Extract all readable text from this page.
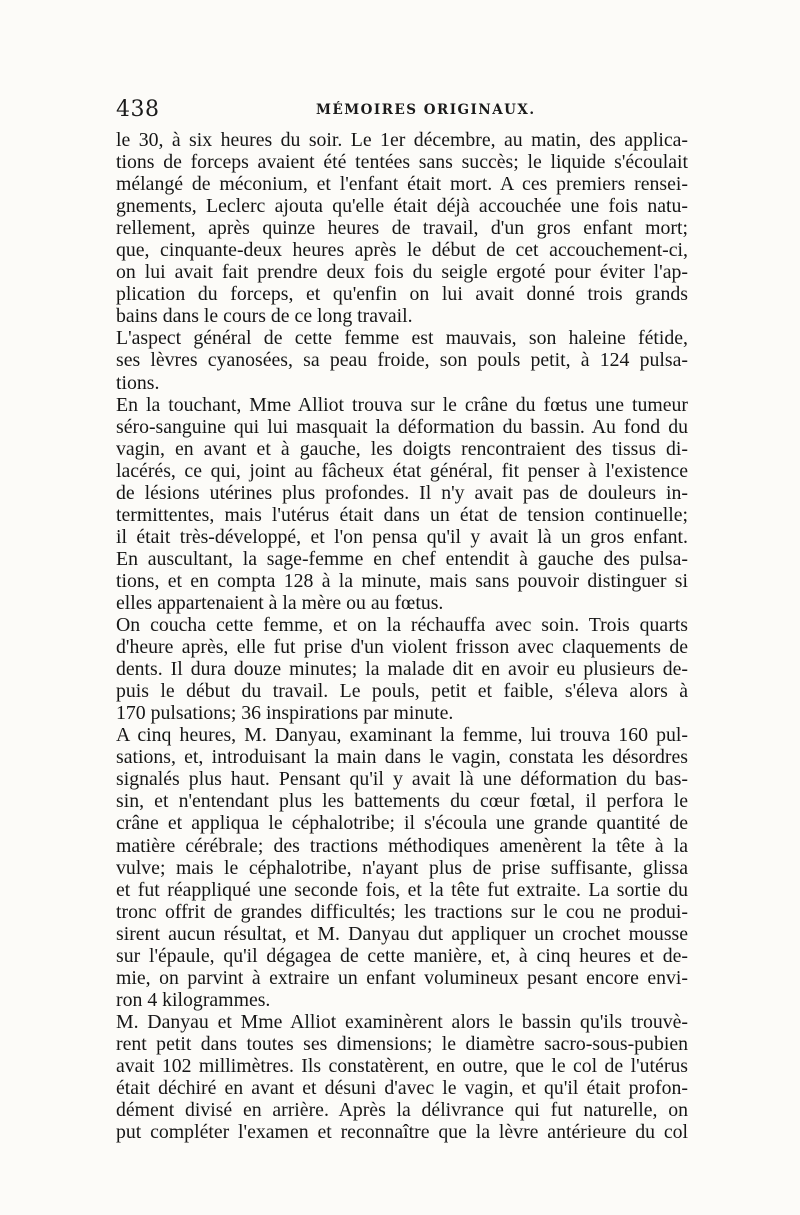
438	MÉMOIRES ORIGINAUX.
le 30, à six heures du soir. Le 1er décembre, au matin, des applica-
tions de forceps avaient été tentées sans succès; le liquide s'écoulait
mélangé de méconium, et l'enfant était mort. A ces premiers rensei-
gnements, Leclerc ajouta qu'elle était déjà accouchée une fois natu-
rellement, après quinze heures de travail, d'un gros enfant mort;
que, cinquante-deux heures après le début de cet accouchement-ci,
on lui avait fait prendre deux fois du seigle ergoté pour éviter l'ap-
plication du forceps, et qu'enfin on lui avait donné trois grands
bains dans le cours de ce long travail.
L'aspect général de cette femme est mauvais, son haleine fétide,
ses lèvres cyanosées, sa peau froide, son pouls petit, à 124 pulsa-
tions.
En la touchant, Mme Alliot trouva sur le crâne du fœtus une tumeur
séro-sanguine qui lui masquait la déformation du bassin. Au fond du
vagin, en avant et à gauche, les doigts rencontraient des tissus di-
lacérés, ce qui, joint au fâcheux état général, fit penser à l'existence
de lésions utérines plus profondes. Il n'y avait pas de douleurs in-
termittentes, mais l'utérus était dans un état de tension continuelle;
il était très-développé, et l'on pensa qu'il y avait là un gros enfant.
En auscultant, la sage-femme en chef entendit à gauche des pulsa-
tions, et en compta 128 à la minute, mais sans pouvoir distinguer si
elles appartenaient à la mère ou au fœtus.
On coucha cette femme, et on la réchauffa avec soin. Trois quarts
d'heure après, elle fut prise d'un violent frisson avec claquements de
dents. Il dura douze minutes; la malade dit en avoir eu plusieurs de-
puis le début du travail. Le pouls, petit et faible, s'éleva alors à
170 pulsations; 36 inspirations par minute.
A cinq heures, M. Danyau, examinant la femme, lui trouva 160 pul-
sations, et, introduisant la main dans le vagin, constata les désordres
signalés plus haut. Pensant qu'il y avait là une déformation du bas-
sin, et n'entendant plus les battements du cœur fœtal, il perfora le
crâne et appliqua le céphalotribe; il s'écoula une grande quantité de
matière cérébrale; des tractions méthodiques amenèrent la tête à la
vulve; mais le céphalotribe, n'ayant plus de prise suffisante, glissa
et fut réappliqué une seconde fois, et la tête fut extraite. La sortie du
tronc offrit de grandes difficultés; les tractions sur le cou ne produi-
sirent aucun résultat, et M. Danyau dut appliquer un crochet mousse
sur l'épaule, qu'il dégagea de cette manière, et, à cinq heures et de-
mie, on parvint à extraire un enfant volumineux pesant encore envi-
ron 4 kilogrammes.
M. Danyau et Mme Alliot examinèrent alors le bassin qu'ils trouvè-
rent petit dans toutes ses dimensions; le diamètre sacro-sous-pubien
avait 102 millimètres. Ils constatèrent, en outre, que le col de l'utérus
était déchiré en avant et désuni d'avec le vagin, et qu'il était profon-
dément divisé en arrière. Après la délivrance qui fut naturelle, on
put compléter l'examen et reconnaître que la lèvre antérieure du col
